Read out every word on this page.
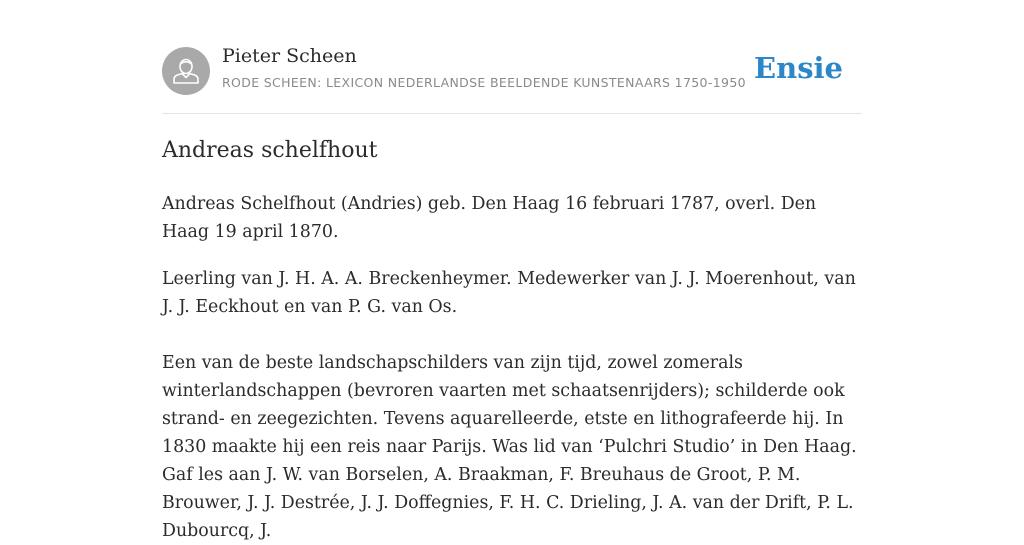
Pieter Scheen
RODE SCHEEN: LEXICON NEDERLANDSE BEELDENDE KUNSTENAARS 1750-1950 Ensie
Andreas schelfhout

Andreas Schelfhout (Andries) geb. Den Haag 16 februari 1787, overl. Den Haag 19 april 1870.

Leerling van J. H. A. A. Breckenheymer. Medewerker van J. J. Moerenhout, van J. J. Eeckhout en van P. G. van Os.

Een van de beste landschapschilders van zijn tijd, zowel zomerals winterlandschappen (bevroren vaarten met schaatsenrijders); schilderde ook strand- en zeegezichten. Tevens aquarelleerde, etste en lithografeerde hij. In 1830 maakte hij een reis naar Parijs. Was lid van ‘Pulchri Studio’ in Den Haag. Gaf les aan J. W. van Borselen, A. Braakman, F. Breuhaus de Groot, P. M. Brouwer, J. J. Destrée, J. J. Doffegnies, F. H. C. Drieling, J. A. van der Drift, P. L. Dubourcq, J.
